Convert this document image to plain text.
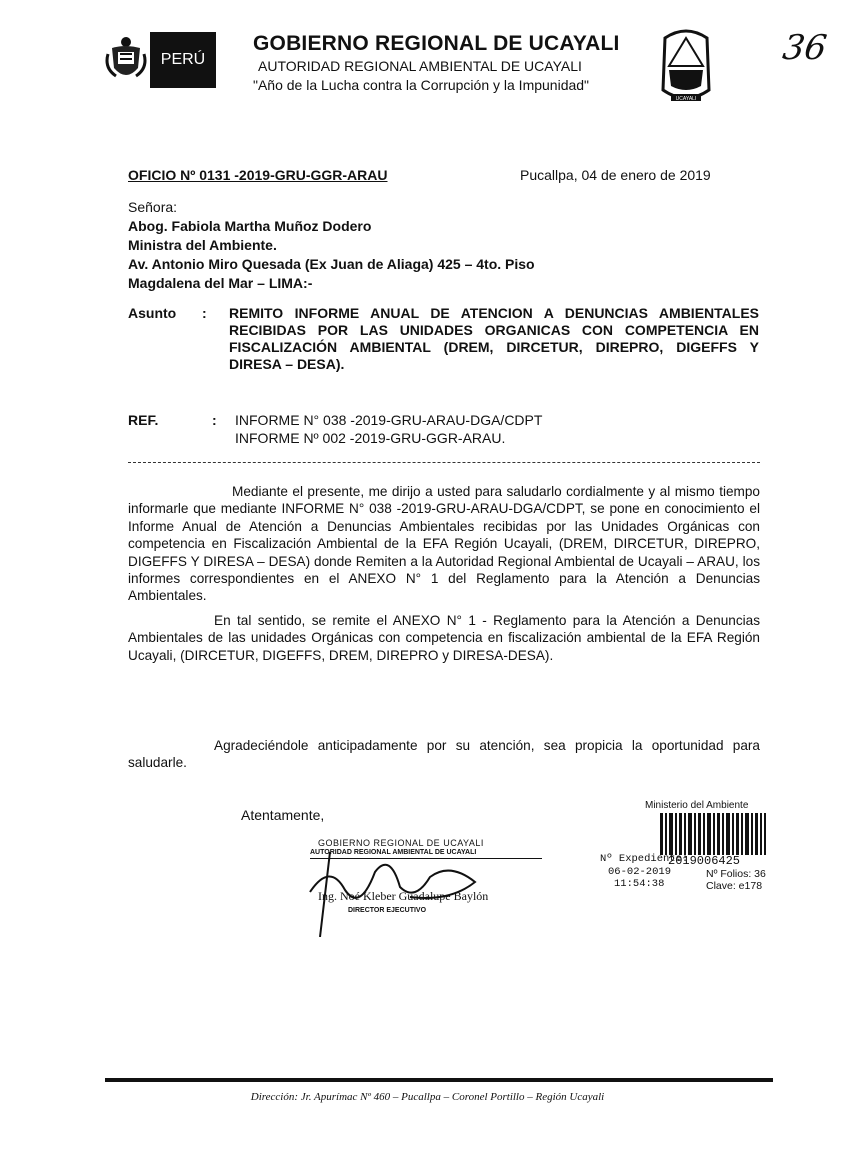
PERÚ
GOBIERNO REGIONAL DE UCAYALI
AUTORIDAD REGIONAL AMBIENTAL DE UCAYALI
"Año de la Lucha contra la Corrupción y la Impunidad"
UCAYALI
36
OFICIO Nº 0131 -2019-GRU-GGR-ARAU	Pucallpa, 04 de enero de 2019
Señora:
Abog. Fabiola Martha Muñoz Dodero
Ministra del Ambiente.
Av. Antonio Miro Quesada (Ex Juan de Aliaga) 425 – 4to. Piso
Magdalena del Mar – LIMA:-
Asunto : REMITO INFORME ANUAL DE ATENCION A DENUNCIAS AMBIENTALES RECIBIDAS POR LAS UNIDADES ORGANICAS CON COMPETENCIA EN FISCALIZACIÓN AMBIENTAL (DREM, DIRCETUR, DIREPRO, DIGEFFS Y DIRESA – DESA).
REF.	: INFORME N° 038 -2019-GRU-ARAU-DGA/CDPT
INFORME Nº 002 -2019-GRU-GGR-ARAU.
Mediante el presente, me dirijo a usted para saludarlo cordialmente y al mismo tiempo informarle que mediante INFORME N° 038 -2019-GRU-ARAU-DGA/CDPT, se pone en conocimiento el Informe Anual de Atención a Denuncias Ambientales recibidas por las Unidades Orgánicas con competencia en Fiscalización Ambiental de la EFA Región Ucayali, (DREM, DIRCETUR, DIREPRO, DIGEFFS Y DIRESA – DESA) donde Remiten a la Autoridad Regional Ambiental de Ucayali – ARAU, los informes correspondientes en el ANEXO N° 1 del Reglamento para la Atención a Denuncias Ambientales.
En tal sentido, se remite el ANEXO N° 1 - Reglamento para la Atención a Denuncias Ambientales de las unidades Orgánicas con competencia en fiscalización ambiental de la EFA Región Ucayali, (DIRCETUR, DIGEFFS, DREM, DIREPRO y DIRESA-DESA).
Agradeciéndole anticipadamente por su atención, sea propicia la oportunidad para saludarle.
Atentamente,
GOBIERNO REGIONAL DE UCAYALI
AUTORIDAD REGIONAL AMBIENTAL DE UCAYALI
Ing. Noé Kleber Guadalupe Baylón
DIRECTOR EJECUTIVO
Ministerio del Ambiente
Nº Expediente:
2019006425
06-02-2019
11:54:38
Nº Folios: 36
Clave: e178
Dirección: Jr. Apurímac Nº 460 – Pucallpa – Coronel Portillo – Región Ucayali
